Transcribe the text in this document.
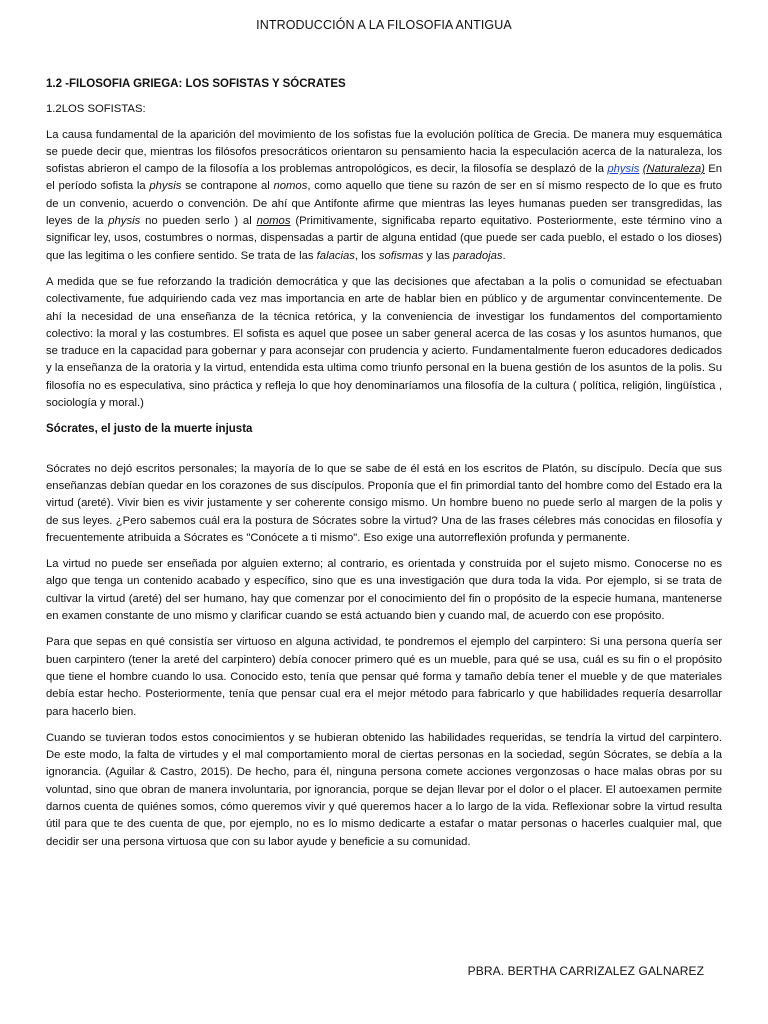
INTRODUCCIÓN A LA FILOSOFIA ANTIGUA
1.2 -FILOSOFIA GRIEGA: LOS SOFISTAS Y SÓCRATES
1.2LOS SOFISTAS:

La causa fundamental de la aparición del movimiento de los sofistas fue la evolución política de Grecia. De manera muy esquemática se puede decir que, mientras los filósofos presocráticos orientaron su pensamiento hacia la especulación acerca de la naturaleza, los sofistas abrieron el campo de la filosofía a los problemas antropológicos, es decir, la filosofía se desplazó de la physis (Naturaleza) En el período sofista la physis se contrapone al nomos, como aquello que tiene su razón de ser en sí mismo respecto de lo que es fruto de un convenio, acuerdo o convención. De ahí que Antifonte afirme que mientras las leyes humanas pueden ser transgredidas, las leyes de la physis no pueden serlo ) al nomos (Primitivamente, significaba reparto equitativo. Posteriormente, este término vino a significar ley, usos, costumbres o normas, dispensadas a partir de alguna entidad (que puede ser cada pueblo, el estado o los dioses) que las legitima o les confiere sentido. Se trata de las falacias, los sofismas y las paradojas.

A medida que se fue reforzando la tradición democrática y que las decisiones que afectaban a la polis o comunidad se efectuaban colectivamente, fue adquiriendo cada vez mas importancia en arte de hablar bien en público y de argumentar convincentemente. De ahí la necesidad de una enseñanza de la técnica retórica, y la conveniencia de investigar los fundamentos del comportamiento colectivo: la moral y las costumbres. El sofista es aquel que posee un saber general acerca de las cosas y los asuntos humanos, que se traduce en la capacidad para gobernar y para aconsejar con prudencia y acierto. Fundamentalmente fueron educadores dedicados y la enseñanza de la oratoria y la virtud, entendida esta ultima como triunfo personal en la buena gestión de los asuntos de la polis. Su filosofía no es especulativa, sino práctica y refleja lo que hoy denominaríamos una filosofía de la cultura ( política, religión, lingüística , sociología y moral.)

Sócrates, el justo de la muerte injusta

Sócrates no dejó escritos personales; la mayoría de lo que se sabe de él está en los escritos de Platón, su discípulo. Decía que sus enseñanzas debían quedar en los corazones de sus discípulos. Proponía que el fin primordial tanto del hombre como del Estado era la virtud (areté). Vivir bien es vivir justamente y ser coherente consigo mismo. Un hombre bueno no puede serlo al margen de la polis y de sus leyes. ¿Pero sabemos cuál era la postura de Sócrates sobre la virtud? Una de las frases célebres más conocidas en filosofía y frecuentemente atribuida a Sócrates es "Conócete a ti mismo". Eso exige una autorreflexión profunda y permanente.

La virtud no puede ser enseñada por alguien externo; al contrario, es orientada y construida por el sujeto mismo. Conocerse no es algo que tenga un contenido acabado y específico, sino que es una investigación que dura toda la vida. Por ejemplo, si se trata de cultivar la virtud (areté) del ser humano, hay que comenzar por el conocimiento del fin o propósito de la especie humana, mantenerse en examen constante de uno mismo y clarificar cuando se está actuando bien y cuando mal, de acuerdo con ese propósito.

Para que sepas en qué consistía ser virtuoso en alguna actividad, te pondremos el ejemplo del carpintero: Si una persona quería ser buen carpintero (tener la areté del carpintero) debía conocer primero qué es un mueble, para qué se usa, cuál es su fin o el propósito que tiene el hombre cuando lo usa. Conocido esto, tenía que pensar qué forma y tamaño debía tener el mueble y de que materiales debía estar hecho. Posteriormente, tenía que pensar cual era el mejor método para fabricarlo y que habilidades requería desarrollar para hacerlo bien.

Cuando se tuvieran todos estos conocimientos y se hubieran obtenido las habilidades requeridas, se tendría la virtud del carpintero. De este modo, la falta de virtudes y el mal comportamiento moral de ciertas personas en la sociedad, según Sócrates, se debía a la ignorancia. (Aguilar & Castro, 2015). De hecho, para él, ninguna persona comete acciones vergonzosas o hace malas obras por su voluntad, sino que obran de manera involuntaria, por ignorancia, porque se dejan llevar por el dolor o el placer. El autoexamen permite darnos cuenta de quiénes somos, cómo queremos vivir y qué queremos hacer a lo largo de la vida. Reflexionar sobre la virtud resulta útil para que te des cuenta de que, por ejemplo, no es lo mismo dedicarte a estafar o matar personas o hacerles cualquier mal, que decidir ser una persona virtuosa que con su labor ayude y beneficie a su comunidad.

PBRA. BERTHA CARRIZALEZ GALNAREZ
